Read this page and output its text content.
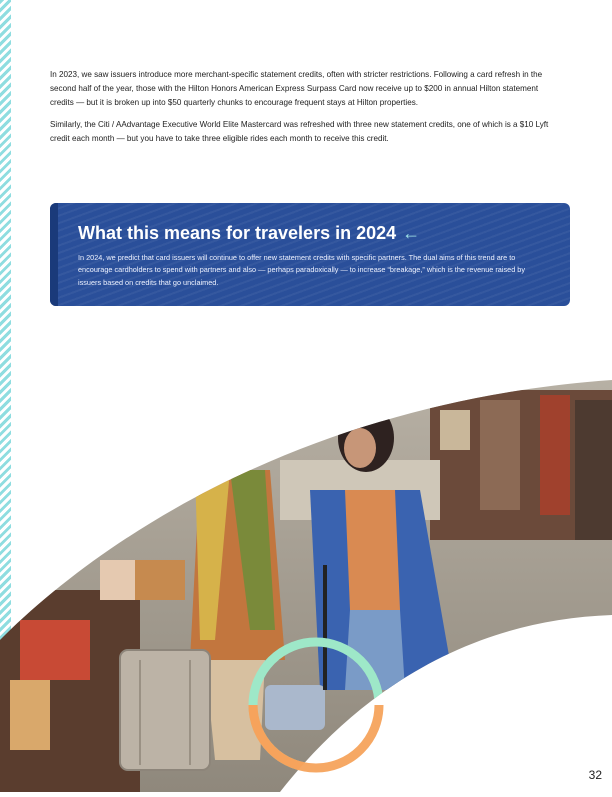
In 2023, we saw issuers introduce more merchant-specific statement credits, often with stricter restrictions. Following a card refresh in the second half of the year, those with the Hilton Honors American Express Surpass Card now receive up to $200 in annual Hilton statement credits — but it is broken up into $50 quarterly chunks to encourage frequent stays at Hilton properties.

Similarly, the Citi / AAdvantage Executive World Elite Mastercard was refreshed with three new statement credits, one of which is a $10 Lyft credit each month — but you have to take three eligible rides each month to receive this credit.

What this means for travelers in 2024 ←

In 2024, we predict that card issuers will continue to offer new statement credits with specific partners. The dual aims of this trend are to encourage cardholders to spend with partners and also — perhaps paradoxically — to increase “breakage,” which is the revenue raised by issuers based on credits that go unclaimed.

32
